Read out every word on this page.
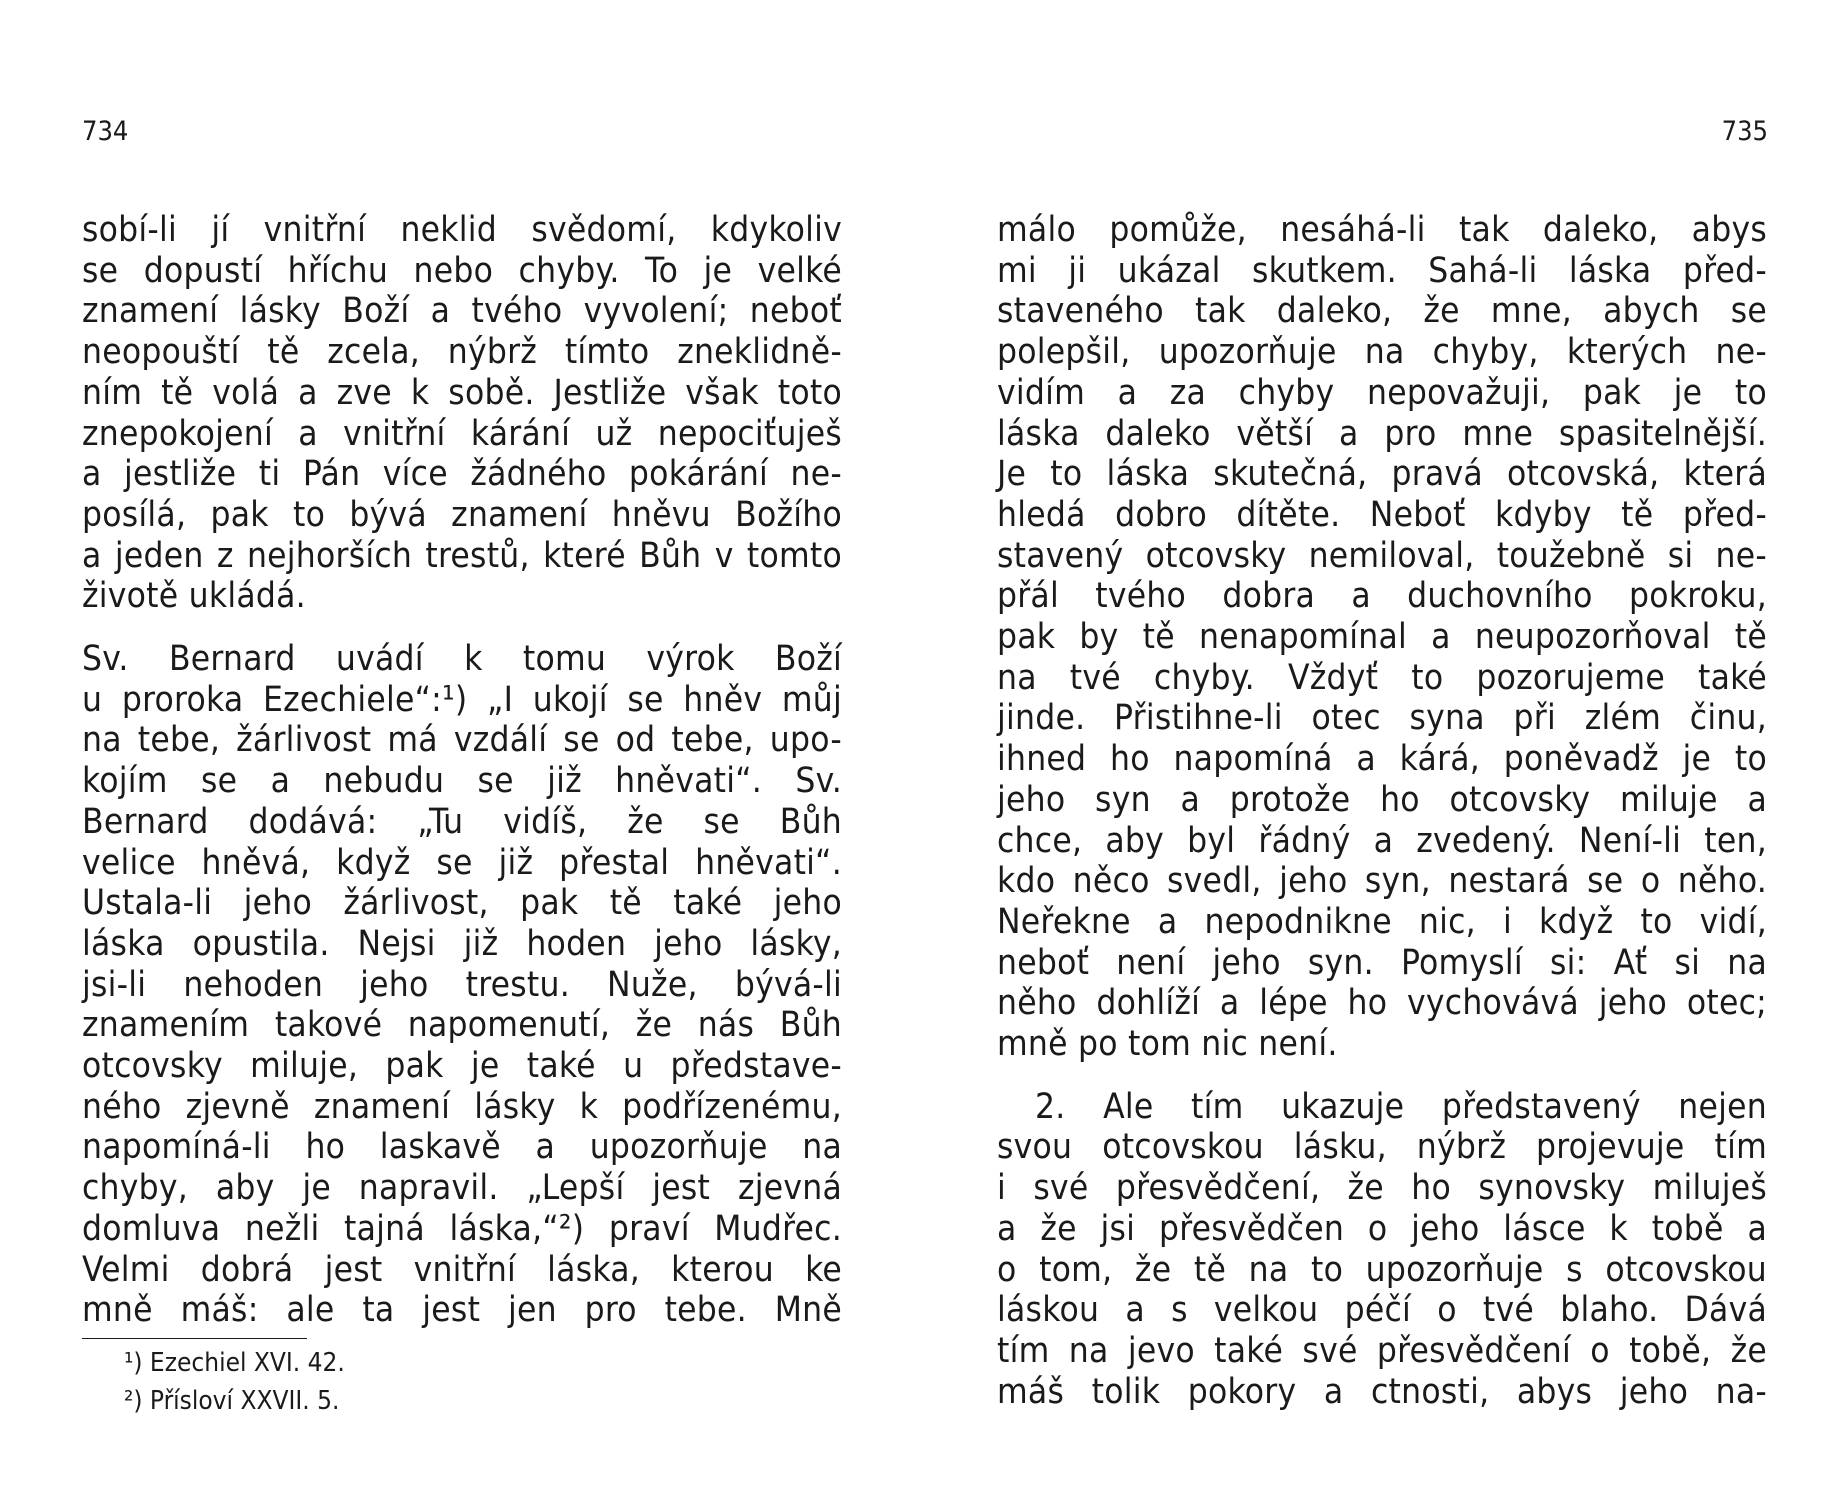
734
sobí-li jí vnitřní neklid svědomí, kdykoliv
se dopustí hříchu nebo chyby. To je velké
znamení lásky Boží a tvého vyvolení; neboť
neopouští tě zcela, nýbrž tímto zneklidně-
ním tě volá a zve k sobě. Jestliže však toto
znepokojení a vnitřní kárání už nepociťuješ
a jestliže ti Pán více žádného pokárání ne-
posílá, pak to bývá znamení hněvu Božího
a jeden z nejhorších trestů, které Bůh v tomto
životě ukládá.
Sv. Bernard uvádí k tomu výrok Boží
u proroka Ezechiele“:¹) „I ukojí se hněv můj
na tebe, žárlivost má vzdálí se od tebe, upo-
kojím se a nebudu se již hněvati“. Sv.
Bernard dodává: „Tu vidíš, že se Bůh
velice hněvá, když se již přestal hněvati“.
Ustala-li jeho žárlivost, pak tě také jeho
láska opustila. Nejsi již hoden jeho lásky,
jsi-li nehoden jeho trestu. Nuže, bývá-li
znamením takové napomenutí, že nás Bůh
otcovsky miluje, pak je také u představe-
ného zjevně znamení lásky k podřízenému,
napomíná-li ho laskavě a upozorňuje na
chyby, aby je napravil. „Lepší jest zjevná
domluva nežli tajná láska,“²) praví Mudřec.
Velmi dobrá jest vnitřní láska, kterou ke
mně máš: ale ta jest jen pro tebe. Mně
¹) Ezechiel XVI. 42.
²) Přísloví XXVII. 5.
735
málo pomůže, nesáhá-li tak daleko, abys
mi ji ukázal skutkem. Sahá-li láska před-
staveného tak daleko, že mne, abych se
polepšil, upozorňuje na chyby, kterých ne-
vidím a za chyby nepovažuji, pak je to
láska daleko větší a pro mne spasitelnější.
Je to láska skutečná, pravá otcovská, která
hledá dobro dítěte. Neboť kdyby tě před-
stavený otcovsky nemiloval, toužebně si ne-
přál tvého dobra a duchovního pokroku,
pak by tě nenapomínal a neupozorňoval tě
na tvé chyby. Vždyť to pozorujeme také
jinde. Přistihne-li otec syna při zlém činu,
ihned ho napomíná a kárá, poněvadž je to
jeho syn a protože ho otcovsky miluje a
chce, aby byl řádný a zvedený. Není-li ten,
kdo něco svedl, jeho syn, nestará se o něho.
Neřekne a nepodnikne nic, i když to vidí,
neboť není jeho syn. Pomyslí si: Ať si na
něho dohlíží a lépe ho vychovává jeho otec;
mně po tom nic není.
2. Ale tím ukazuje představený nejen
svou otcovskou lásku, nýbrž projevuje tím
i své přesvědčení, že ho synovsky miluješ
a že jsi přesvědčen o jeho lásce k tobě a
o tom, že tě na to upozorňuje s otcovskou
láskou a s velkou péčí o tvé blaho. Dává
tím na jevo také své přesvědčení o tobě, že
máš tolik pokory a ctnosti, abys jeho na-
